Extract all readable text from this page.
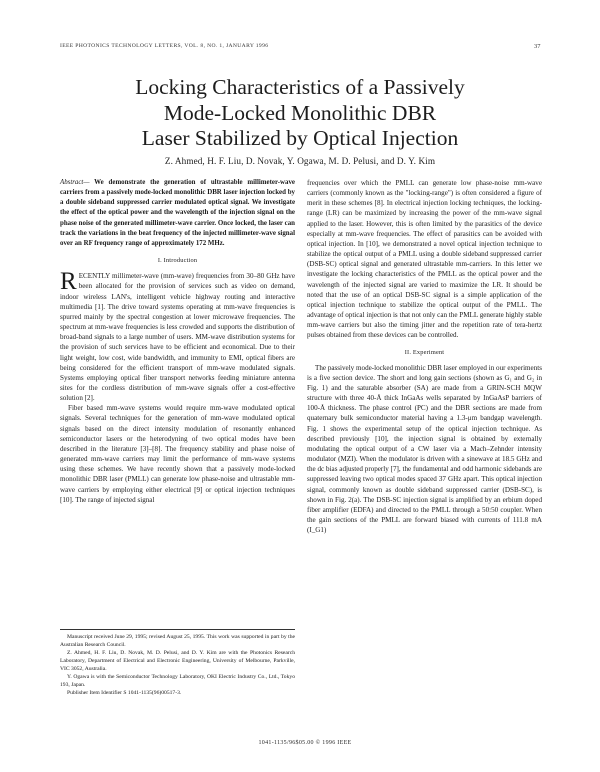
IEEE PHOTONICS TECHNOLOGY LETTERS, VOL. 8, NO. 1, JANUARY 1996	37
Locking Characteristics of a Passively
Mode-Locked Monolithic DBR
Laser Stabilized by Optical Injection
Z. Ahmed, H. F. Liu, D. Novak, Y. Ogawa, M. D. Pelusi, and D. Y. Kim

Abstract— We demonstrate the generation of ultrastable millimeter-wave carriers from a passively mode-locked monolithic DBR laser injection locked by a double sideband suppressed carrier modulated optical signal. We investigate the effect of the optical power and the wavelength of the injection signal on the phase noise of the generated millimeter-wave carrier. Once locked, the laser can track the variations in the beat frequency of the injected millimeter-wave signal over an RF frequency range of approximately 172 MHz.

I. Introduction

RECENTLY millimeter-wave (mm-wave) frequencies from 30–80 GHz have been allocated for the provision of services such as video on demand, indoor wireless LAN's, intelligent vehicle highway routing and interactive multimedia [1]. The drive toward systems operating at mm-wave frequencies is spurred mainly by the spectral congestion at lower microwave frequencies. The spectrum at mm-wave frequencies is less crowded and supports the distribution of broad-band signals to a large number of users. MM-wave distribution systems for the provision of such services have to be efficient and economical. Due to their light weight, low cost, wide bandwidth, and immunity to EMI, optical fibers are being considered for the efficient transport of mm-wave modulated signals. Systems employing optical fiber transport networks feeding miniature antenna sites for the cordless distribution of mm-wave signals offer a cost-effective solution [2].

Fiber based mm-wave systems would require mm-wave modulated optical signals. Several techniques for the generation of mm-wave modulated optical signals based on the direct intensity modulation of resonantly enhanced semiconductor lasers or the heterodyning of two optical modes have been described in the literature [3]–[8]. The frequency stability and phase noise of generated mm-wave carriers may limit the performance of mm-wave systems using these schemes. We have recently shown that a passively mode-locked monolithic DBR laser (PMLL) can generate low phase-noise and ultrastable mm-wave carriers by employing either electrical [9] or optical injection techniques [10]. The range of injected signal

Manuscript received June 29, 1995; revised August 25, 1995. This work was supported in part by the Australian Research Council.

Z. Ahmed, H. F. Liu, D. Novak, M. D. Pelusi, and D. Y. Kim are with the Photonics Research Laboratory, Department of Electrical and Electronic Engineering, University of Melbourne, Parkville, VIC 3052, Australia.

Y. Ogawa is with the Semiconductor Technology Laboratory, OKI Electric Industry Co., Ltd., Tokyo 193, Japan.

Publisher Item Identifier S 1041-1135(96)00517-3.

frequencies over which the PMLL can generate low phase-noise mm-wave carriers (commonly known as the "locking-range") is often considered a figure of merit in these schemes [8]. In electrical injection locking techniques, the locking-range (LR) can be maximized by increasing the power of the mm-wave signal applied to the laser. However, this is often limited by the parasitics of the device especially at mm-wave frequencies. The effect of parasitics can be avoided with optical injection. In [10], we demonstrated a novel optical injection technique to stabilize the optical output of a PMLL using a double sideband suppressed carrier (DSB-SC) optical signal and generated ultrastable mm-carriers. In this letter we investigate the locking characteristics of the PMLL as the optical power and the wavelength of the injected signal are varied to maximize the LR. It should be noted that the use of an optical DSB-SC signal is a simple application of the optical injection technique to stabilize the optical output of the PMLL. The advantage of optical injection is that not only can the PMLL generate highly stable mm-wave carriers but also the timing jitter and the repetition rate of tera-hertz pulses obtained from these devices can be controlled.

II. Experiment

The passively mode-locked monolithic DBR laser employed in our experiments is a five section device. The short and long gain sections (shown as G₁ and G₂ in Fig. 1) and the saturable absorber (SA) are made from a GRIN-SCH MQW structure with three 40-Å thick InGaAs wells separated by InGaAsP barriers of 100-Å thickness. The phase control (PC) and the DBR sections are made from quaternary bulk semiconductor material having a 1.3-μm bandgap wavelength. Fig. 1 shows the experimental setup of the optical injection technique. As described previously [10], the injection signal is obtained by externally modulating the optical output of a CW laser via a Mach–Zehnder intensity modulator (MZI). When the modulator is driven with a sinewave at 18.5 GHz and the dc bias adjusted properly [7], the fundamental and odd harmonic sidebands are suppressed leaving two optical modes spaced 37 GHz apart. This optical injection signal, commonly known as double sideband suppressed carrier (DSB-SC), is shown in Fig. 2(a). The DSB-SC injection signal is amplified by an erbium doped fiber amplifier (EDFA) and directed to the PMLL through a 50:50 coupler. When the gain sections of the PMLL are forward biased with currents of 111.8 mA (I_G1)

1041-1135/96$05.00 © 1996 IEEE
